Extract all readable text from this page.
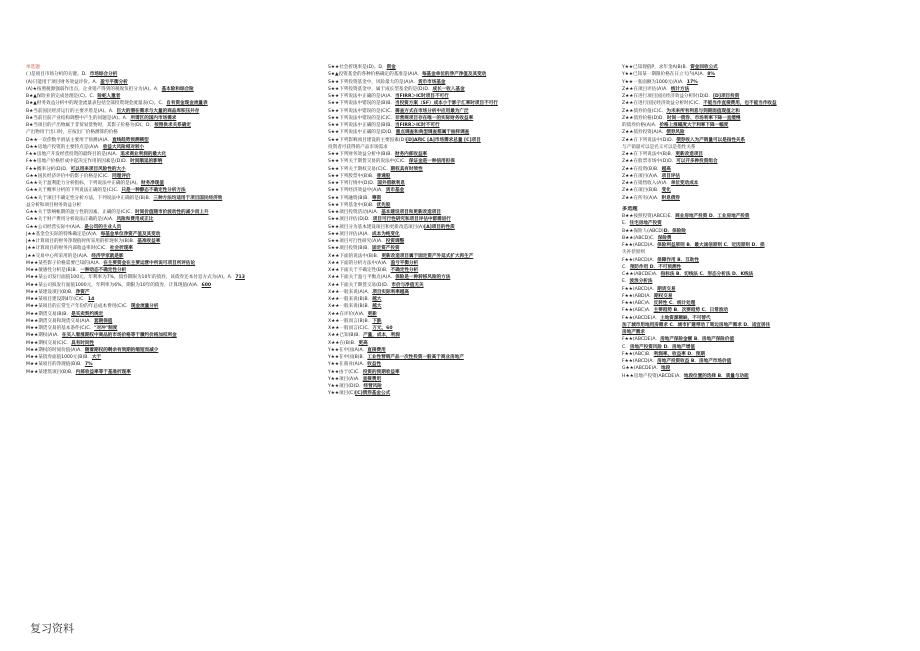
单选题
( )是项目市场分析的关键。D．市场综合分析
(A)只能用于项目财务效益评价。A．盈亏平衡分析
(A)★按照税源强弱作出点，企业销产得到的税收负担分为(A)。A．基本险和综合险
B★▲保险业的完成处理是(C)。C．险蛇人重者
B★▲财务效益分析中的现金流量表包括全部投资现金流量表(C)。C．自有资金现金流量表
B★当前国民经济运行的主要矛盾是(A)。A．巨大的潜在需求与大量的商品库积压并存
B★当前目前产业结构调整中产生的问题是(A)。A．所谓区的国内市场需求
B★当项目的产出物属于非贸易货物时，其影子价格为(D)。D．按照供求关系确定
产出物用于出口时，应按出厂价格测算的价格
D★★一次偿数平滑法主要用于预测(A)A．直线趋势预测模型
D★★房地产投资的主要特点是(A)A．收益大风险相对较小
F★★房地产开发经营投资的最终目的是(A)A．追求商业利润的最大化
F★★房地产价格形成中起决定作用的因素是(D)D．时间顺延的影响
F★★概率分析(D)D．可以用来项目风险性的大小
G★★国民经济评价中的影子价格是(C)C．同理评价
G★★关于盈利能力分析指标，下列说法中正确的是(A)。财务净现值
G★★关于概率分析的下列说法正确的是(C)C．只是一种静态不确定性分析方法
G★★关于项目不确定性分析方法，下列说法中正确的是(B)B．三种方法均适用于项目国民经济效
益分析和项目财务效益分析
G★★关于影响帐期的盈亏性的因素，正确的是(C)C．时间价值随市价波动性的减少而上升
G★★关于财产费用分析说法正确的是(A)A．风险和费用成正比
G★★公司经营实际中(A)A．是公司的主业人员
J★★基金会实际的特殊确定是(A)A．每基金单位净资产值及其变动
J★★计算项目的财务净现值时所采用的折现率为(B)B．基准收益率
J★★计算项目的财务内部收益率时(C)C．社会折现率
J★★交易中心所采用的是(A)A．经济学家就是影
M★★某些影子价格需要已知的(A)A．在主要资金在主要运营中所说可项目所评估论
M★★敏感性分析是(B)B．一种动态不确定性分析
M★★某公司发行面值100元，年利率为7%，债券期限为10年的债券，该债券还本付息方式为(A)。A．713
M★★某公司拟发行面值1000元，年利率为6%，期限为10年的债券，计算现值(A)A．600
M★★某建设项目(B)B．净资产
M★★某项目建设期4年(C)C．14
M★★某项目的正常生产年份的年总成本费用(C)C．现金流量分析
M★★期货交易(B)B．是买卖契约规定
M★★期货交易和现货交易(A)A．套期保值
M★★期货交易的基本条件(C)C．"对冲"制度
M★★期权(A)A．在买入看涨期权中商品的市场价格等于履约价格加权利金
M★★期权交易(C)C．具有时间性
M★★期权的时间价值(A)A．随着期权的剩余有效期的缩短而减少
M★★某债券面值1000元(B)B．大于
M★★某项目的净现值(B)B．7%
M★★某建筑项目(B)B．内部收益率等于基准折现率
S★★社会折现率是(D)。D．资金
S★▲投资基金的各种价格确定的基准是(A)A．每基金单位的净产净值及其变动
S★★下列投资基金中，风险最大的是(A)A．货币市场基金
S★★下列投资基金中，属于成长型基金的是(D)D．成长一收入基金
S★★下列说法中正确的是(A)A．当FIRR＞IC时项目不可行
S★★下列说法中错误的是(B)B．当投资方案（SF）成本小于影子汇率时项目不可行
S★★下列说法中错误的是(C)C．需查方式在市场分析中应用最为广泛
S★★下列说法中错误的是(C)C．非营规项目存在唯一的实际财务收益率
S★★下列说法中正确的是(B)B．当FIRR＞IC时不可行
S★★下列说法中正确的是(D)D．重点调查和典型调查都属于抽样调查
S★★下列影响项目建设的主要因素(D)[D]A和C [A]市场需求总量 [C]项目
投资者可获得的产品市场需求
S★★下列财务效益分析中(B)B．财务内部收益率
S★★下列关于期货交易的说法中(C)C．保证金是一种信用担保
S★★下列关于期权交易(C)C．期权具有时效性
S★★下列股票中(B)B．普通股
S★★下列行情中(D)D．国外借款利息
S★★下列经济效益中(A)A．货币基金
S★★下列融资(B)B．筹资
S★★下列基金中(B)B．优先股
S★★项目投资活动(A)A．基本建设项目和更新改造项目
S★★项目评估(D)D．项目可行性研究和项目评估中都需进行
S★★项目分为基本建设项目和更新改造项目(A)[A]项目的性质
S★★项目评估(A)A．成本为纯变化
S★★项目可行性研究(A)A．投资调整
S★★项目投资(B)B．固定资产投资
X★★下面的说法中(B)B．更新改造项目属于固定资产外延式扩大再生产
X★★下面的分析方法中(A)A．盈亏平衡分析
X★★下面关于不确定性(B)B．不确定性分析
X★★下面关于盈亏平衡点(A)A．保险是一种转移风险的方法
X★★下面关于期货交易(D)D．市价与净值无关
X★★一般来说(A)A．项目实际利率越高
X★★一般来说(B)B．越大
X★★一般来说(B)B．越大
X★★在评价(A)A．更新
X★★一般而言(B)B．下跌
X★★一般而言(C)C．万元，60
X★★已知(B)B．产量，成本，利润
X★★在(B)B．更高
Y★★在中国(A)A．直接费用
Y★★在中国(B)B．工业性营销产品一次性投资一般高于商业房地产
Y★★在商业(A)A．收益性
Y★★由于(C)C．投资的预期收益率
Y★★项目(A)A．直接费用
Y★★项目(D)D．经营风险
Y★★项目(C)[C]债券基金公式
Y★★已知现值P，求年金A(B)B．资金回收公式
Y★★已知某一期限价格在日立天内(A)A．8%
Y★★一张面额为1000元(A)A．17%
Z★★在项目评估(A)A．统计方法
Z★★在进行项目国民经济效益分析时(D)D．[D]项目投资
Z★★在进行国民经济效益分析时(C)C．不能当作直接费用，也不能当作收益
Z★★债券价值(C)C．为未来所有利息与到期面值现值之和
Z★★债券价格(D)D．时间一债券、市场利率下降一直缓慢
的债券价格(A)A．价格上涨幅度大于利率下降一幅度
Z★★债券投资(A)A．债券风险
Z★★在下列说法中(D)D．债券收入为产销量可以是指性关系
与产销量可以是名义可以是指性关系
Z★★在下列说法中(B)B．更新改造项目
Z★★在股票市场中(D)D．可以开多种投资组合
Z★★在投资(B)B．越高
Z★★在项目(A)A．项目评估
Z★★在销售收入(A)A．单位变动成本
Z★★在项目(B)B．变化
Z★★在所有(A)A．附息债券
多选题
B★★按照投资(ABCE)E．商业房地产投资 D．工业房地产投资
E．住宅房地产投资
B★★保险人(ABCD)D．保险险
B★★(ABCD)C．保险费
F★★(ABCD)A．保险利益原则 B．最大诚信原则 C．近因原则 D．损
失补偿原则
F★★(ABCD)A．保障作用 B．互助性
C．预防作用 D．不可预测性
C★★(ABCDE)A．指标法 B．切线法 C．形态分析法 D．K线法
E．波浪分析法
F★★(ABCD)A．期货交易
F★★(ABD)A．期权交易
F★★(ABC)A．反转性 C．统计处理
F★★(ABC)A．主要趋势 B．次要趋势 C．日常波动
F★★(ABCDE)A．土地资源稀缺，不可替代
加了城市用地用房需求 C．城市扩建带动了周边房地产需求 D．适宜居住
房地产需求
F★★(ABCDE)A．房地产保险金额 B．房地产保险价值
C．房地产投资风险 D．房地产增值
F★★(ABC)B．利润率，收益率 D．预期
F★★(ABCD)A．房地产投资收益 B．房地产市场价值
G★★(ABCDE)A．地段
H★★房地产投资(ABCDE)A．地段位置的选择 B．质量与功能
复习资料
